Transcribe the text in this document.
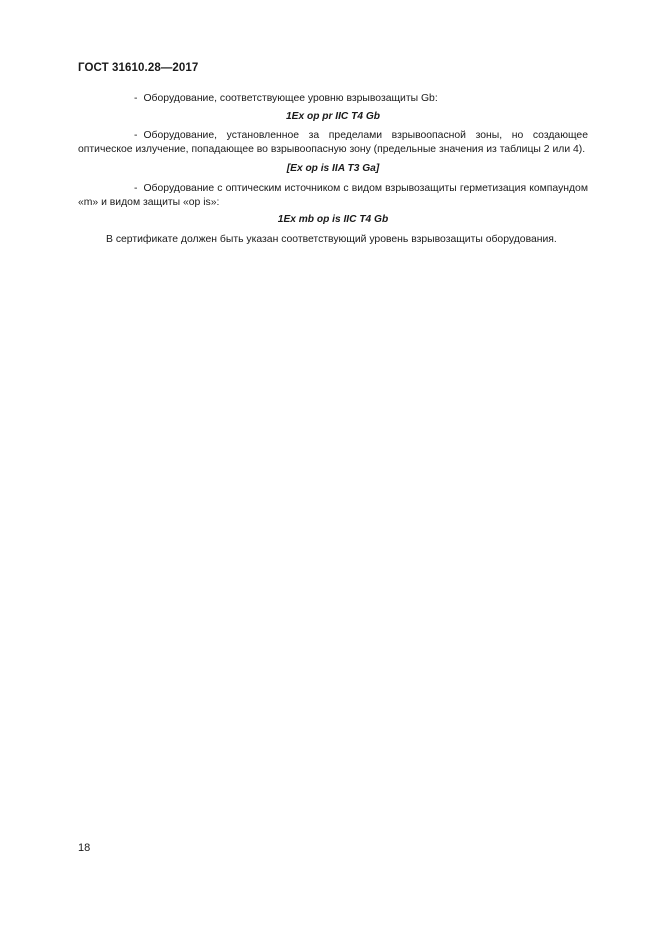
ГОСТ 31610.28—2017

- Оборудование, соответствующее уровню взрывозащиты Gb:

1Ex op pr IIC T4 Gb

- Оборудование, установленное за пределами взрывоопасной зоны, но создающее оптическое излучение, попадающее во взрывоопасную зону (предельные значения из таблицы 2 или 4).

[Ex op is IIA T3 Ga]

- Оборудование с оптическим источником с видом взрывозащиты герметизация компаундом «m» и видом защиты «op is»:

1Ex mb op is IIC T4 Gb

В сертификате должен быть указан соответствующий уровень взрывозащиты оборудования.

18
